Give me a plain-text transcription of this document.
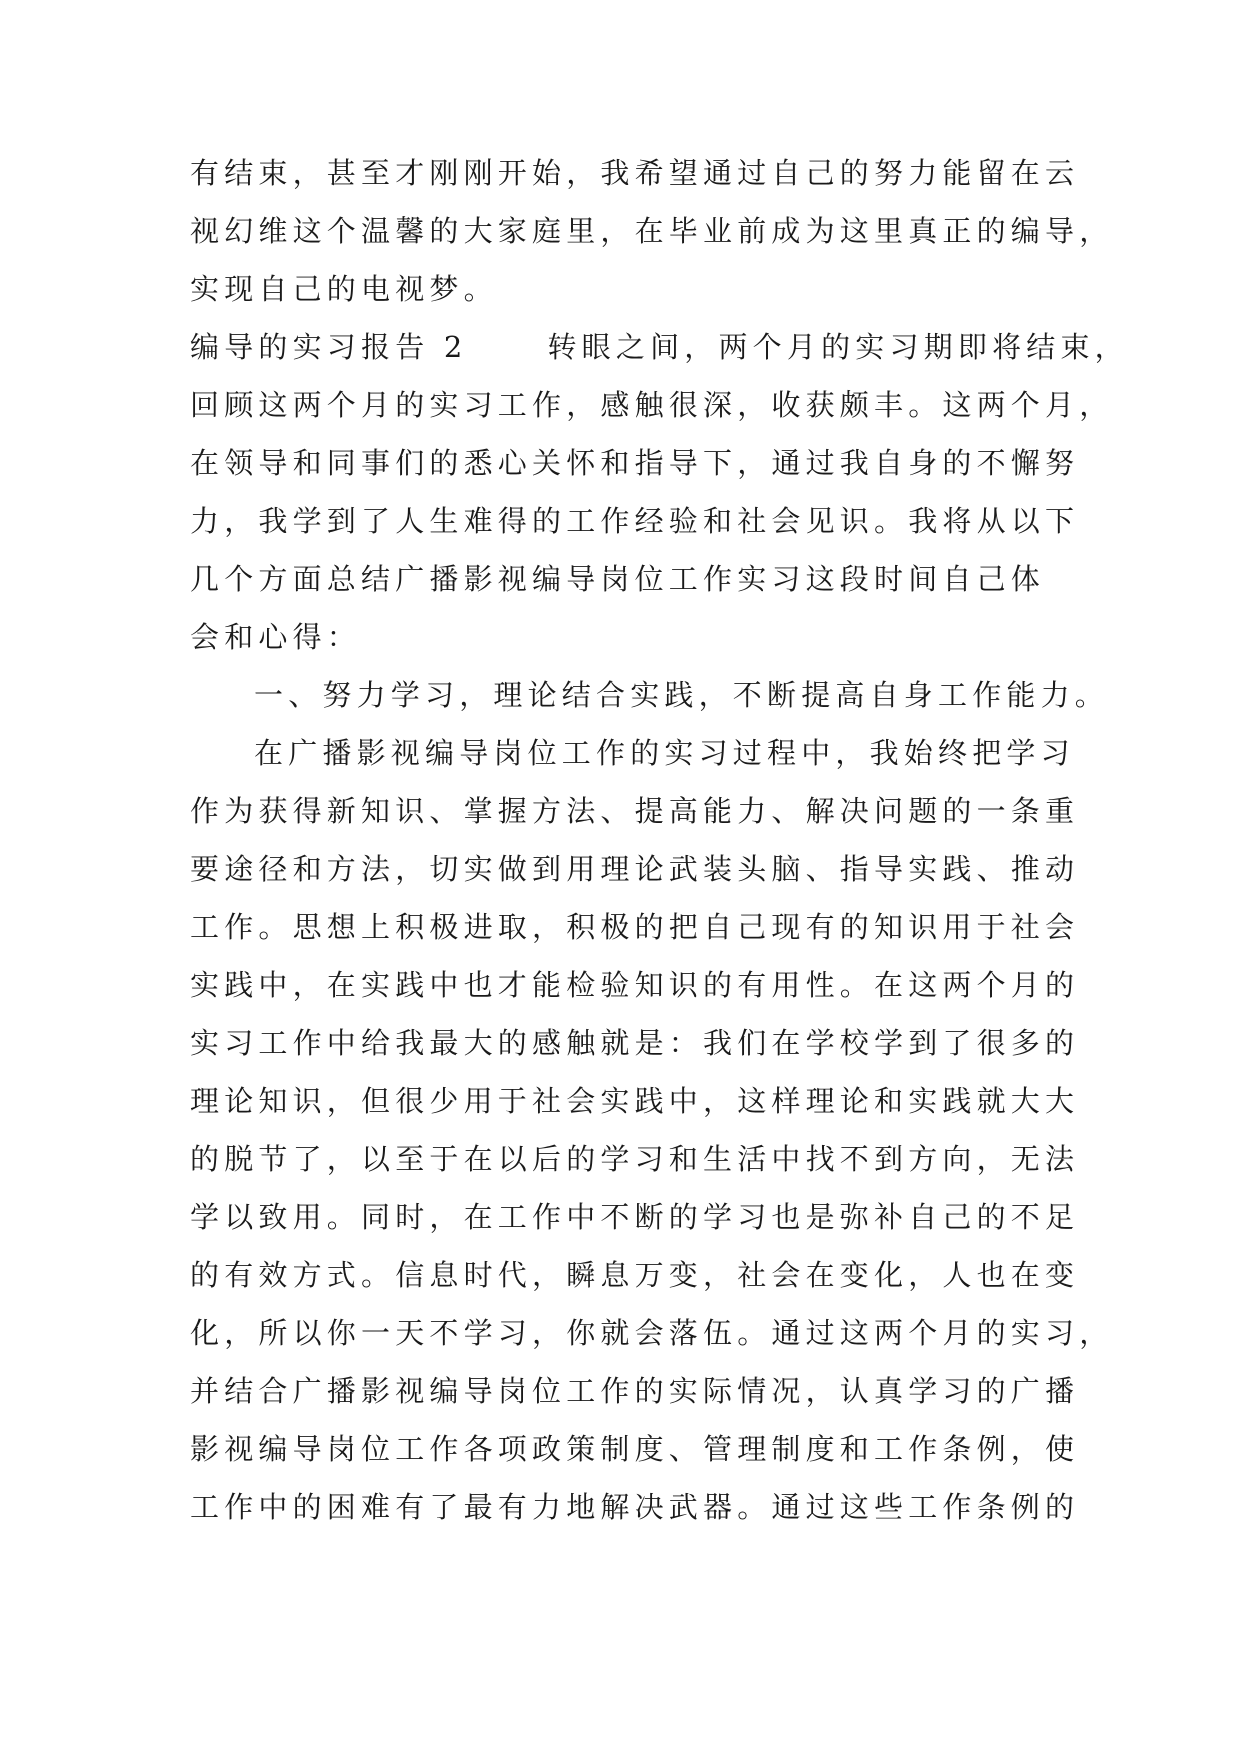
有结束，甚至才刚刚开始，我希望通过自己的努力能留在云
视幻维这个温馨的大家庭里，在毕业前成为这里真正的编导，
实现自己的电视梦。
编导的实习报告 2	转眼之间，两个月的实习期即将结束，
回顾这两个月的实习工作，感触很深，收获颇丰。这两个月，
在领导和同事们的悉心关怀和指导下，通过我自身的不懈努
力，我学到了人生难得的工作经验和社会见识。我将从以下
几个方面总结广播影视编导岗位工作实习这段时间自己体
会和心得：
一、努力学习，理论结合实践，不断提高自身工作能力。
在广播影视编导岗位工作的实习过程中，我始终把学习
作为获得新知识、掌握方法、提高能力、解决问题的一条重
要途径和方法，切实做到用理论武装头脑、指导实践、推动
工作。思想上积极进取，积极的把自己现有的知识用于社会
实践中，在实践中也才能检验知识的有用性。在这两个月的
实习工作中给我最大的感触就是：我们在学校学到了很多的
理论知识，但很少用于社会实践中，这样理论和实践就大大
的脱节了，以至于在以后的学习和生活中找不到方向，无法
学以致用。同时，在工作中不断的学习也是弥补自己的不足
的有效方式。信息时代，瞬息万变，社会在变化，人也在变
化，所以你一天不学习，你就会落伍。通过这两个月的实习，
并结合广播影视编导岗位工作的实际情况，认真学习的广播
影视编导岗位工作各项政策制度、管理制度和工作条例，使
工作中的困难有了最有力地解决武器。通过这些工作条例的
